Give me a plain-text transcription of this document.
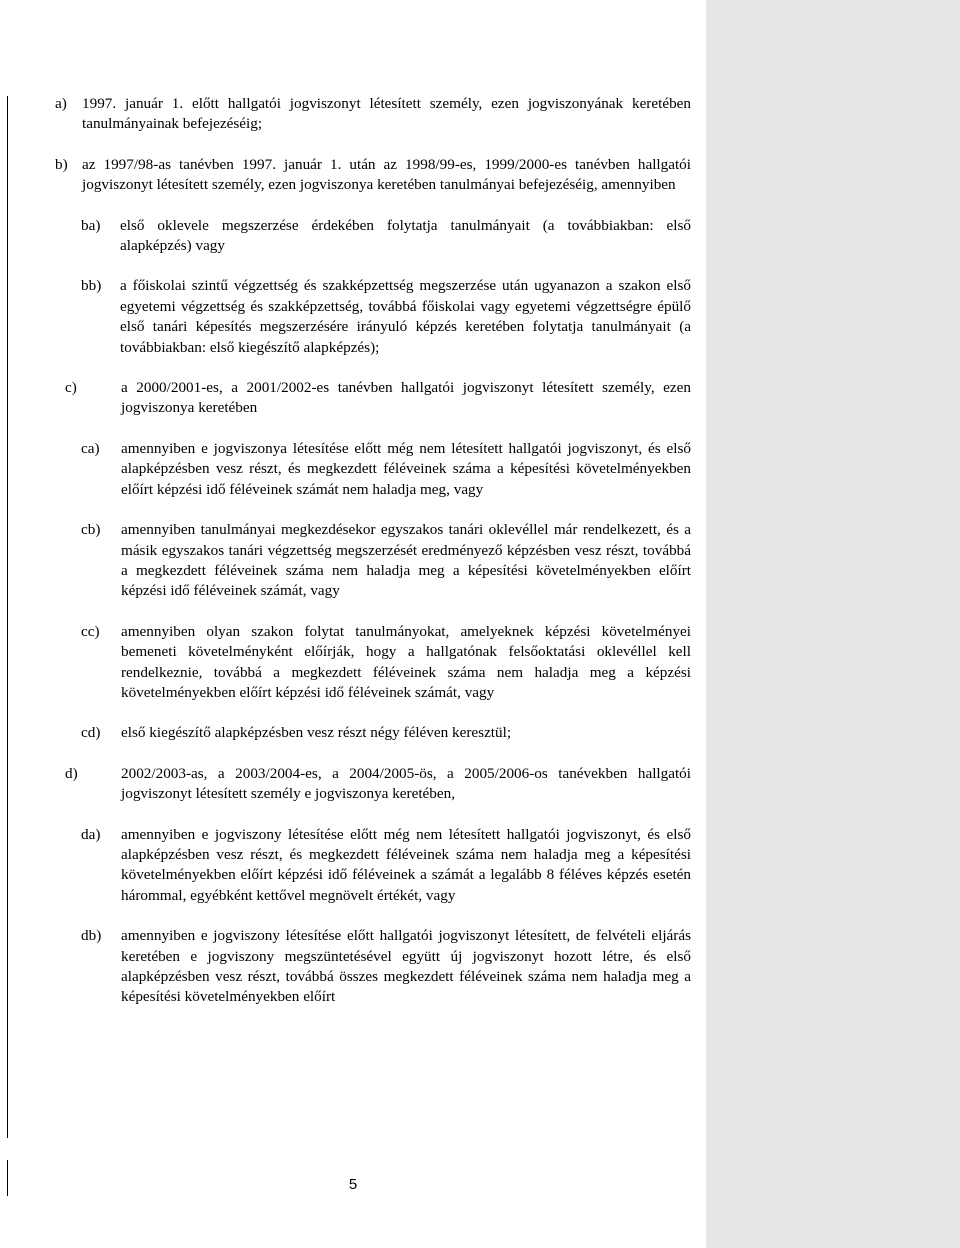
a) 1997. január 1. előtt hallgatói jogviszonyt létesített személy, ezen jogviszonyának keretében tanulmányainak befejezéséig;
b) az 1997/98-as tanévben 1997. január 1. után az 1998/99-es, 1999/2000-es tanévben hallgatói jogviszonyt létesített személy, ezen jogviszonya keretében tanulmányai befejezéséig, amennyiben
ba)	első oklevele megszerzése érdekében folytatja tanulmányait (a továbbiakban: első alapképzés) vagy
bb)	a főiskolai szintű végzettség és szakképzettség megszerzése után ugyanazon a szakon első egyetemi végzettség és szakképzettség, továbbá főiskolai vagy egyetemi végzettségre épülő első tanári képesítés megszerzésére irányuló képzés keretében folytatja tanulmányait (a továbbiakban: első kiegészítő alapképzés);
c)	a 2000/2001-es, a 2001/2002-es tanévben hallgatói jogviszonyt létesített személy, ezen jogviszonya keretében
ca)	amennyiben e jogviszonya létesítése előtt még nem létesített hallgatói jogviszonyt, és első alapképzésben vesz részt, és megkezdett féléveinek száma a képesítési követelményekben előírt képzési idő féléveinek számát nem haladja meg, vagy
cb)	amennyiben tanulmányai megkezdésekor egyszakos tanári oklevéllel már rendelkezett, és a másik egyszakos tanári végzettség megszerzését eredményező képzésben vesz részt, továbbá a megkezdett féléveinek száma nem haladja meg a képesítési követelményekben előírt képzési idő féléveinek számát, vagy
cc)	amennyiben olyan szakon folytat tanulmányokat, amelyeknek képzési követelményei bemeneti követelményként előírják, hogy a hallgatónak felsőoktatási oklevéllel kell rendelkeznie, továbbá a megkezdett féléveinek száma nem haladja meg a képzési követelményekben előírt képzési idő féléveinek számát, vagy
cd)	első kiegészítő alapképzésben vesz részt négy féléven keresztül;
d)	2002/2003-as, a 2003/2004-es, a 2004/2005-ös, a 2005/2006-os tanévekben hallgatói jogviszonyt létesített személy e jogviszonya keretében,
da)	amennyiben e jogviszony létesítése előtt még nem létesített hallgatói jogviszonyt, és első alapképzésben vesz részt, és megkezdett féléveinek száma nem haladja meg a képesítési követelményekben előírt képzési idő féléveinek a számát a legalább 8 féléves képzés esetén hárommal, egyébként kettővel megnövelt értékét, vagy
db)	amennyiben e jogviszony létesítése előtt hallgatói jogviszonyt létesített, de felvételi eljárás keretében e jogviszony megszüntetésével együtt új jogviszonyt hozott létre, és első alapképzésben vesz részt, továbbá összes megkezdett féléveinek száma nem haladja meg a képesítési követelményekben előírt
5
